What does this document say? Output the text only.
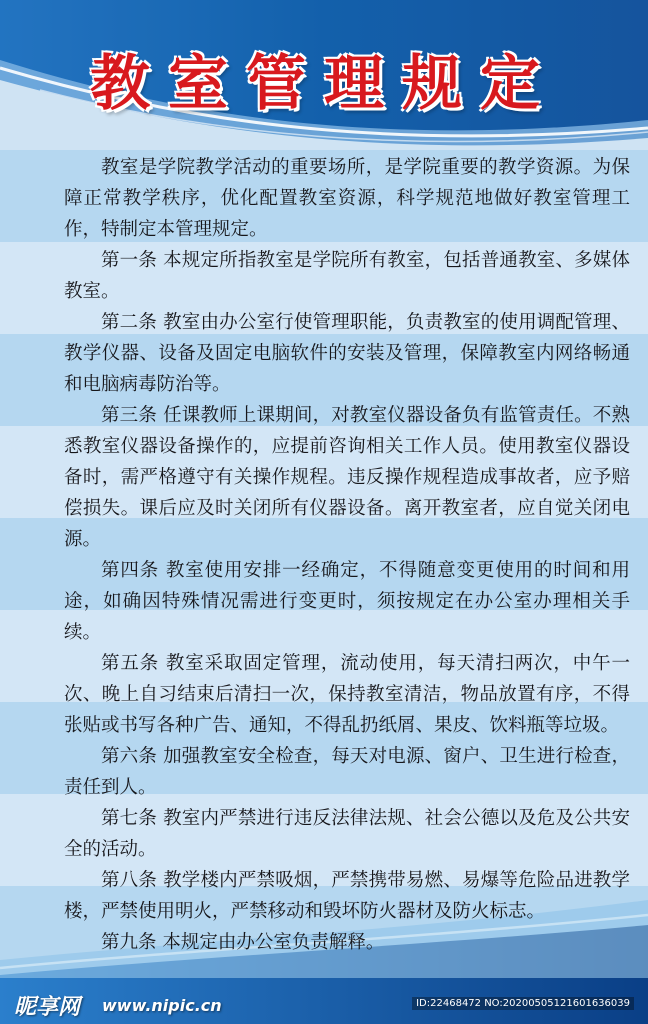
教室管理规定

教室是学院教学活动的重要场所，是学院重要的教学资源。为保障正常教学秩序，优化配置教室资源，科学规范地做好教室管理工作，特制定本管理规定。

第一条 本规定所指教室是学院所有教室，包括普通教室、多媒体教室。

第二条 教室由办公室行使管理职能，负责教室的使用调配管理、教学仪器、设备及固定电脑软件的安装及管理，保障教室内网络畅通和电脑病毒防治等。

第三条 任课教师上课期间，对教室仪器设备负有监管责任。不熟悉教室仪器设备操作的，应提前咨询相关工作人员。使用教室仪器设备时，需严格遵守有关操作规程。违反操作规程造成事故者，应予赔偿损失。课后应及时关闭所有仪器设备。离开教室者，应自觉关闭电源。

第四条 教室使用安排一经确定，不得随意变更使用的时间和用途，如确因特殊情况需进行变更时，须按规定在办公室办理相关手续。

第五条 教室采取固定管理，流动使用，每天清扫两次，中午一次、晚上自习结束后清扫一次，保持教室清洁，物品放置有序，不得张贴或书写各种广告、通知，不得乱扔纸屑、果皮、饮料瓶等垃圾。

第六条 加强教室安全检查，每天对电源、窗户、卫生进行检查，责任到人。

第七条 教室内严禁进行违反法律法规、社会公德以及危及公共安全的活动。

第八条 教学楼内严禁吸烟，严禁携带易燃、易爆等危险品进教学楼，严禁使用明火，严禁移动和毁坏防火器材及防火标志。

第九条 本规定由办公室负责解释。

昵享网 www.nipic.cn	ID:22468472 NO:20200505121601636039
